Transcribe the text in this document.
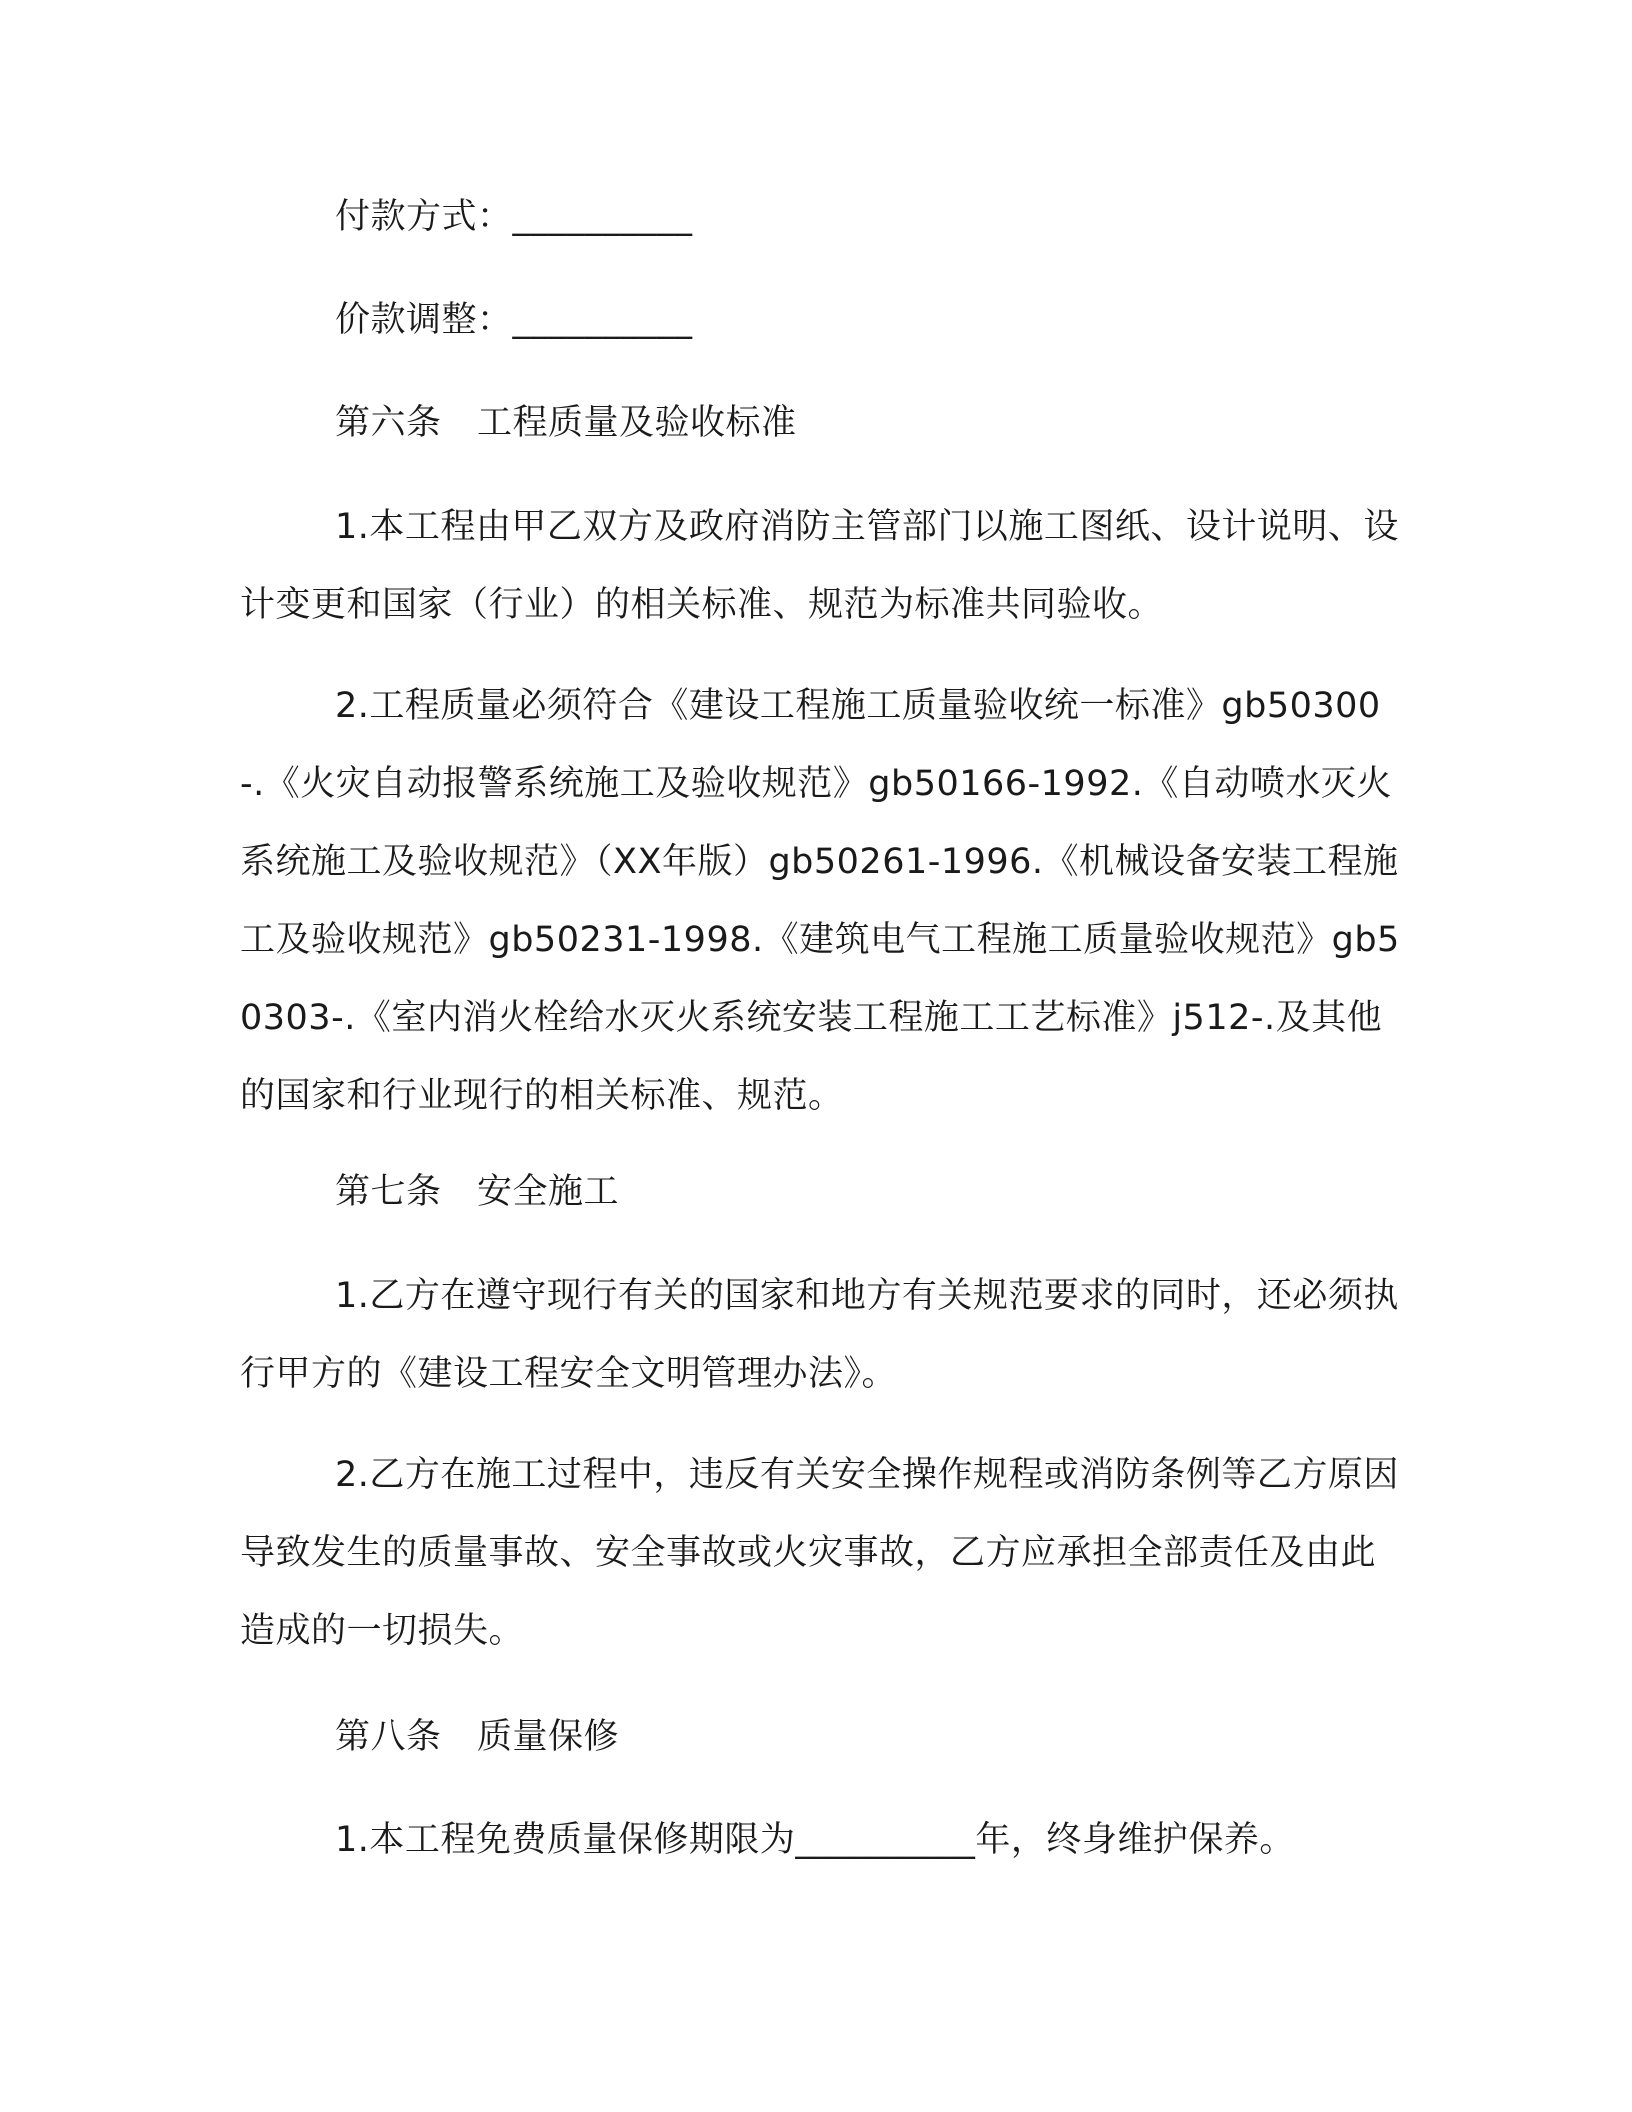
付款方式：__________

价款调整：__________

第六条　工程质量及验收标准

1.本工程由甲乙双方及政府消防主管部门以施工图纸、设计说明、设计变更和国家（行业）的相关标准、规范为标准共同验收。

2.工程质量必须符合《建设工程施工质量验收统一标准》gb50300-.《火灾自动报警系统施工及验收规范》gb50166-1992.《自动喷水灭火系统施工及验收规范》（XX年版）gb50261-1996.《机械设备安装工程施工及验收规范》gb50231-1998.《建筑电气工程施工质量验收规范》gb50303-.《室内消火栓给水灭火系统安装工程施工工艺标准》j512-.及其他的国家和行业现行的相关标准、规范。

第七条　安全施工

1.乙方在遵守现行有关的国家和地方有关规范要求的同时，还必须执行甲方的《建设工程安全文明管理办法》。

2.乙方在施工过程中，违反有关安全操作规程或消防条例等乙方原因导致发生的质量事故、安全事故或火灾事故，乙方应承担全部责任及由此造成的一切损失。

第八条　质量保修

1.本工程免费质量保修期限为__________年，终身维护保养。
